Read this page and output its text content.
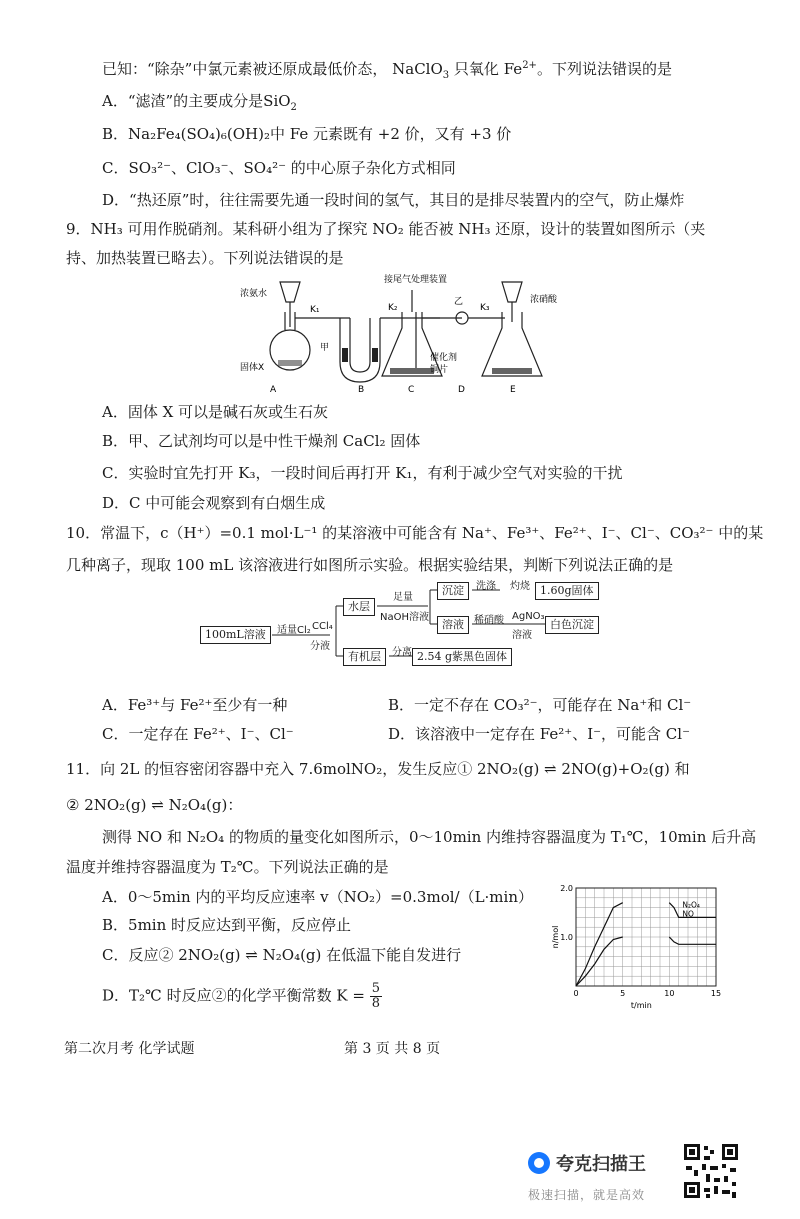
已知：“除杂”中氯元素被还原成最低价态， NaClO$_3$ 只氧化 $Fe^{2+}$。下列说法错误的是
A．“滤渣”的主要成分是SiO$_2$
B．Na₂Fe₄(SO₄)₆(OH)₂中 Fe 元素既有 +2 价，又有 +3 价
C．SO₃²⁻、ClO₃⁻、SO₄²⁻ 的中心原子杂化方式相同
D．“热还原”时，往往需要先通一段时间的氢气，其目的是排尽装置内的空气，防止爆炸
9．NH₃ 可用作脱硝剂。某科研小组为了探究 NO₂ 能否被 NH₃ 还原，设计的装置如图所示（夹
持、加热装置已略去）。下列说法错误的是
A	B	C	D	E
浓氨水
固体X
K₁
甲
接尾气处理装置
K₂
催化剂
铜片
乙
K₃
浓硝酸
A．固体 X 可以是碱石灰或生石灰
B．甲、乙试剂均可以是中性干燥剂 CaCl₂ 固体
C．实验时宜先打开 K₃，一段时间后再打开 K₁，有利于减少空气对实验的干扰
D．C 中可能会观察到有白烟生成
10．常温下，c（H⁺）=0.1 mol·L⁻¹ 的某溶液中可能含有 Na⁺、Fe³⁺、Fe²⁺、I⁻、Cl⁻、CO₃²⁻ 中的某
几种离子，现取 100 mL 该溶液进行如图所示实验。根据实验结果，判断下列说法正确的是
100mL溶液	适量Cl₂ CCl₄
分液
水层
有机层
足量
NaOH溶液
沉淀
溶液
洗涤 灼烧 1.60g固体
稀硝酸 AgNO₃
溶液
白色沉淀
分离 2.54 g紫黑色固体
A．Fe³⁺与 Fe²⁺至少有一种	B．一定不存在 CO₃²⁻，可能存在 Na⁺和 Cl⁻
C．一定存在 Fe²⁺、I⁻、Cl⁻	D．该溶液中一定存在 Fe²⁺、I⁻，可能含 Cl⁻
11．向 2L 的恒容密闭容器中充入 7.6molNO₂，发生反应① 2NO₂(g) ⇌ 2NO(g)+O₂(g) 和
② 2NO₂(g) ⇌ N₂O₄(g)：
测得 NO 和 N₂O₄ 的物质的量变化如图所示，0～10min 内维持容器温度为 T₁℃，10min 后升高
温度并维持容器温度为 T₂℃。下列说法正确的是
A．0～5min 内的平均反应速率 v（NO₂）=0.3mol/（L·min）
B．5min 时反应达到平衡，反应停止
C．反应② 2NO₂(g) ⇌ N₂O₄(g) 在低温下能自发进行
D．T₂℃ 时反应②的化学平衡常数 $K = \frac{5}{8}$	0	5	10	15
1.0
2.0
t/min
n/mol
N₂O₄
NO
第二次月考 化学试题	第 3 页 共 8 页
夸克扫描王
极速扫描，就是高效
